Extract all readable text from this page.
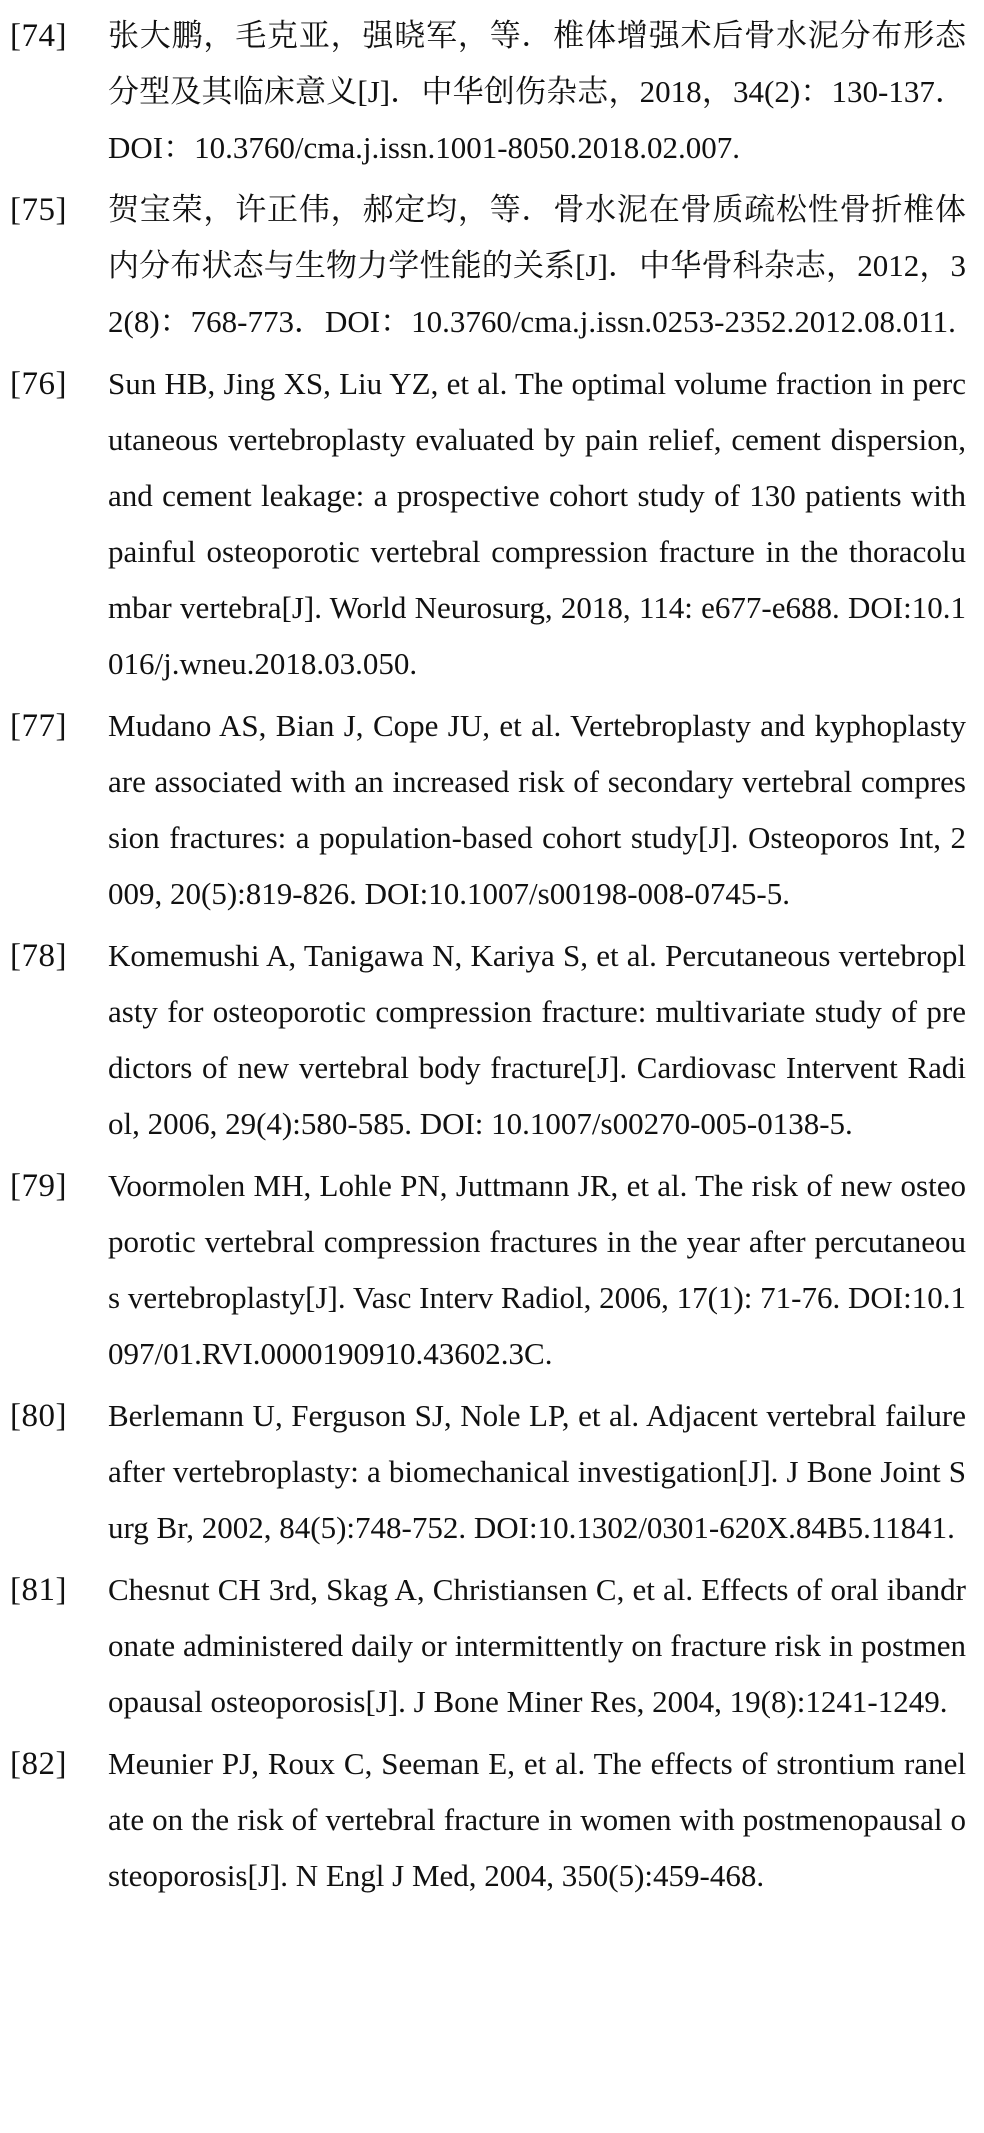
[74]	张大鹏，毛克亚，强晓军，等．椎体增强术后骨水泥分布形态分型及其临床意义[J]．中华创伤杂志，2018，34(2)：130-137．DOI：10.3760/cma.j.issn.1001-8050.2018.02.007.
[75]	贺宝荣，许正伟，郝定均，等．骨水泥在骨质疏松性骨折椎体内分布状态与生物力学性能的关系[J]．中华骨科杂志，2012，32(8)：768-773．DOI：10.3760/cma.j.issn.0253-2352.2012.08.011.
[76]	Sun HB, Jing XS, Liu YZ, et al. The optimal volume fraction in percutaneous vertebroplasty evaluated by pain relief, cement dispersion, and cement leakage: a prospective cohort study of 130 patients with painful osteoporotic vertebral compression fracture in the thoracolumbar vertebra[J]. World Neurosurg, 2018, 114: e677-e688. DOI:10.1016/j.wneu.2018.03.050.
[77]	Mudano AS, Bian J, Cope JU, et al. Vertebroplasty and kyphoplasty are associated with an increased risk of secondary vertebral compression fractures: a population-based cohort study[J]. Osteoporos Int, 2009, 20(5):819-826. DOI:10.1007/s00198-008-0745-5.
[78]	Komemushi A, Tanigawa N, Kariya S, et al. Percutaneous vertebroplasty for osteoporotic compression fracture: multivariate study of predictors of new vertebral body fracture[J]. Cardiovasc Intervent Radiol, 2006, 29(4):580-585. DOI: 10.1007/s00270-005-0138-5.
[79]	Voormolen MH, Lohle PN, Juttmann JR, et al. The risk of new osteoporotic vertebral compression fractures in the year after percutaneous vertebroplasty[J]. Vasc Interv Radiol, 2006, 17(1): 71-76. DOI:10.1097/01.RVI.0000190910.43602.3C.
[80]	Berlemann U, Ferguson SJ, Nole LP, et al. Adjacent vertebral failure after vertebroplasty: a biomechanical investigation[J]. J Bone Joint Surg Br, 2002, 84(5):748-752. DOI:10.1302/0301-620X.84B5.11841.
[81]	Chesnut CH 3rd, Skag A, Christiansen C, et al. Effects of oral ibandronate administered daily or intermittently on fracture risk in postmenopausal osteoporosis[J]. J Bone Miner Res, 2004, 19(8):1241-1249.
[82]	Meunier PJ, Roux C, Seeman E, et al. The effects of strontium ranelate on the risk of vertebral fracture in women with postmenopausal osteoporosis[J]. N Engl J Med, 2004, 350(5):459-468.
